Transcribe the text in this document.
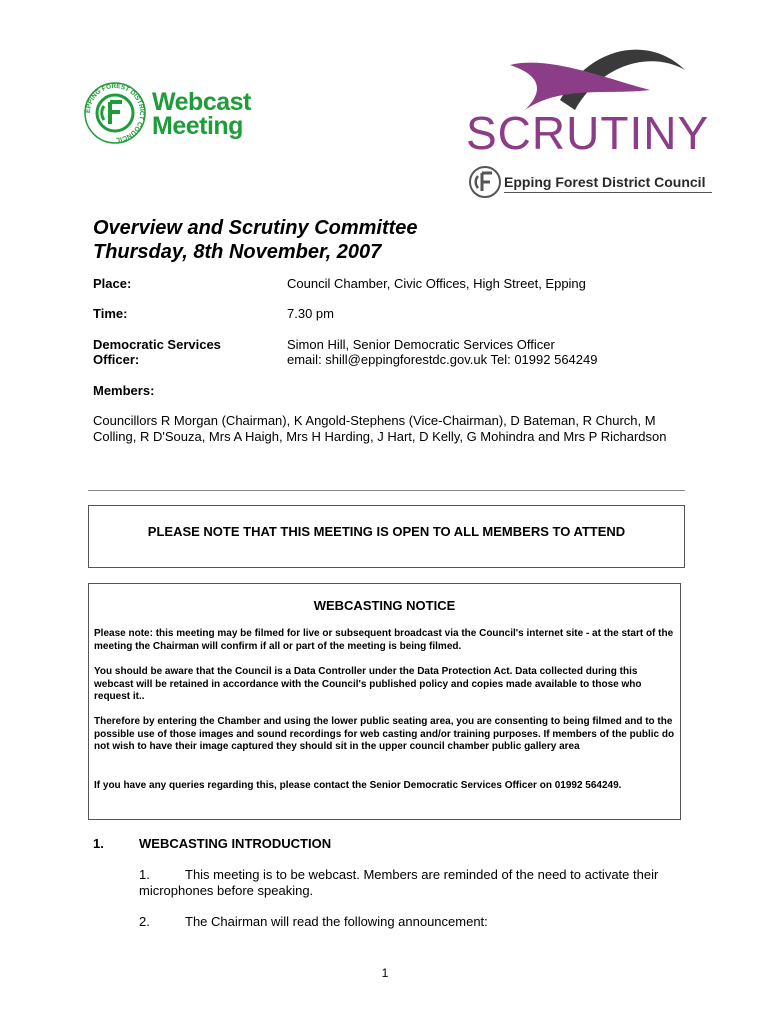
EPPING FOREST DISTRICT COUNCIL
Webcast
Meeting	SCRUTINY
Epping Forest District Council
Overview and Scrutiny Committee
Thursday, 8th November, 2007
Place:	Council Chamber, Civic Offices, High Street, Epping
Time:	7.30 pm
Democratic Services
Officer:
Simon Hill, Senior Democratic Services Officer
email: shill@eppingforestdc.gov.uk Tel: 01992 564249
Members:
Councillors R Morgan (Chairman), K Angold-Stephens (Vice-Chairman), D Bateman, R Church, M Colling, R D'Souza, Mrs A Haigh, Mrs H Harding, J Hart, D Kelly, G Mohindra and Mrs P Richardson
PLEASE NOTE THAT THIS MEETING IS OPEN TO ALL MEMBERS TO ATTEND
WEBCASTING NOTICE
Please note: this meeting may be filmed for live or subsequent broadcast via the Council's internet site - at the start of the meeting the Chairman will confirm if all or part of the meeting is being filmed.
You should be aware that the Council is a Data Controller under the Data Protection Act. Data collected during this webcast will be retained in accordance with the Council's published policy and copies made available to those who request it..
Therefore by entering the Chamber and using the lower public seating area, you are consenting to being filmed and to the possible use of those images and sound recordings for web casting and/or training purposes. If members of the public do not wish to have their image captured they should sit in the upper council chamber public gallery area
If you have any queries regarding this, please contact the Senior Democratic Services Officer on 01992 564249.
1.	WEBCASTING INTRODUCTION
1.	This meeting is to be webcast. Members are reminded of the need to activate their microphones before speaking.
2.	The Chairman will read the following announcement:
1
